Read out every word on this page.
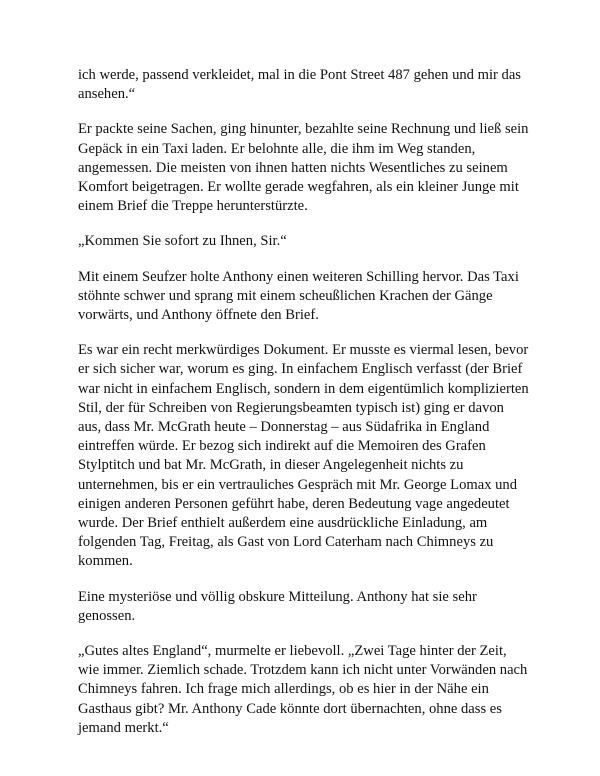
ich werde, passend verkleidet, mal in die Pont Street 487 gehen und mir das ansehen.“

Er packte seine Sachen, ging hinunter, bezahlte seine Rechnung und ließ sein Gepäck in ein Taxi laden. Er belohnte alle, die ihm im Weg standen, angemessen. Die meisten von ihnen hatten nichts Wesentliches zu seinem Komfort beigetragen. Er wollte gerade wegfahren, als ein kleiner Junge mit einem Brief die Treppe herunterstürzte.

„Kommen Sie sofort zu Ihnen, Sir.“

Mit einem Seufzer holte Anthony einen weiteren Schilling hervor. Das Taxi stöhnte schwer und sprang mit einem scheußlichen Krachen der Gänge vorwärts, und Anthony öffnete den Brief.

Es war ein recht merkwürdiges Dokument. Er musste es viermal lesen, bevor er sich sicher war, worum es ging. In einfachem Englisch verfasst (der Brief war nicht in einfachem Englisch, sondern in dem eigentümlich komplizierten Stil, der für Schreiben von Regierungsbeamten typisch ist) ging er davon aus, dass Mr. McGrath heute – Donnerstag – aus Südafrika in England eintreffen würde. Er bezog sich indirekt auf die Memoiren des Grafen Stylptitch und bat Mr. McGrath, in dieser Angelegenheit nichts zu unternehmen, bis er ein vertrauliches Gespräch mit Mr. George Lomax und einigen anderen Personen geführt habe, deren Bedeutung vage angedeutet wurde. Der Brief enthielt außerdem eine ausdrückliche Einladung, am folgenden Tag, Freitag, als Gast von Lord Caterham nach Chimneys zu kommen.

Eine mysteriöse und völlig obskure Mitteilung. Anthony hat sie sehr genossen.

„Gutes altes England“, murmelte er liebevoll. „Zwei Tage hinter der Zeit, wie immer. Ziemlich schade. Trotzdem kann ich nicht unter Vorwänden nach Chimneys fahren. Ich frage mich allerdings, ob es hier in der Nähe ein Gasthaus gibt? Mr. Anthony Cade könnte dort übernachten, ohne dass es jemand merkt.“
